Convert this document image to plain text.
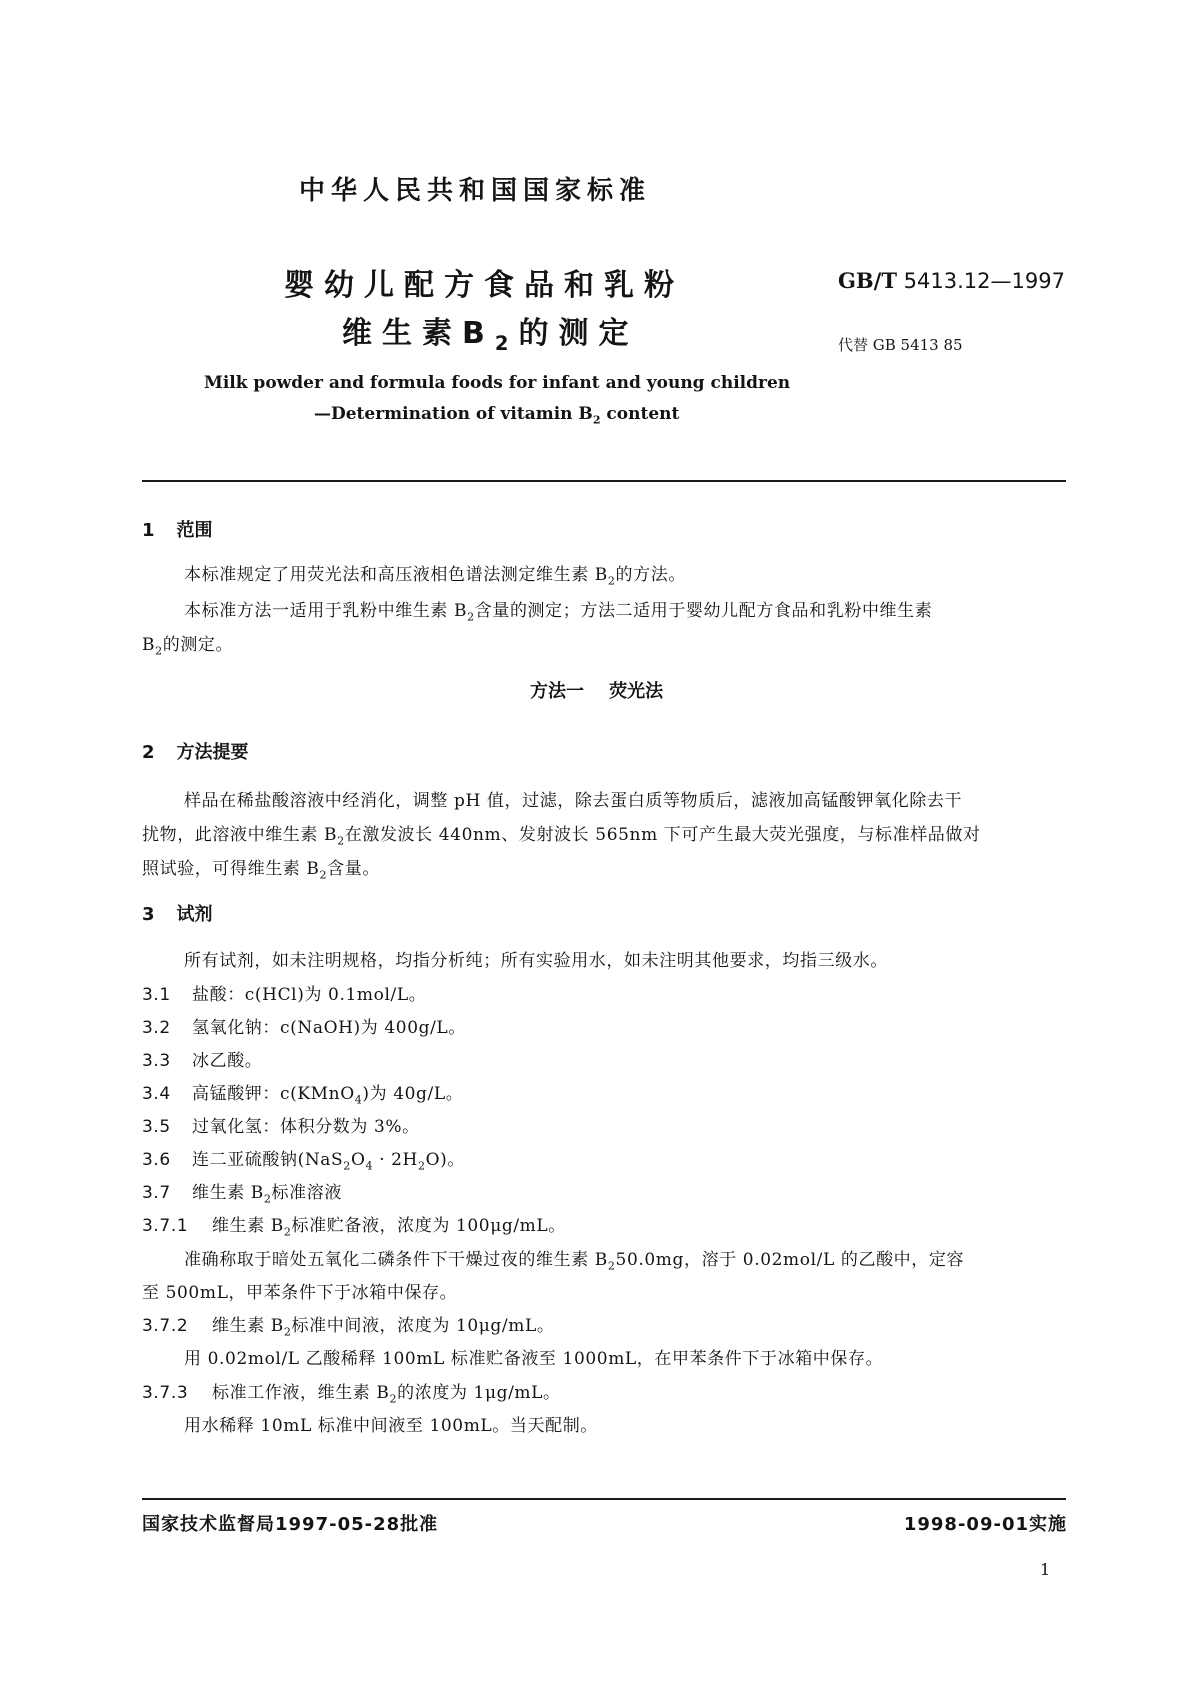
中华人民共和国国家标准
婴幼儿配方食品和乳粉
维生素$B_2$的测定
GB/T 5413.12—1997
代替 GB 5413 85
Milk powder and formula foods for infant and young children
—Determination of vitamin $B_2$ content
1 范围
本标准规定了用荧光法和高压液相色谱法测定维生素 $B_2$的方法。
本标准方法一适用于乳粉中维生素 $B_2$含量的测定；方法二适用于婴幼儿配方食品和乳粉中维生素
$B_2$的测定。
方法一    荧光法
2 方法提要
样品在稀盐酸溶液中经消化，调整 pH 值，过滤，除去蛋白质等物质后，滤液加高锰酸钾氧化除去干
扰物，此溶液中维生素 $B_2$在激发波长 440nm、发射波长 565nm 下可产生最大荧光强度，与标准样品做对
照试验，可得维生素 $B_2$含量。
3 试剂
所有试剂，如未注明规格，均指分析纯；所有实验用水，如未注明其他要求，均指三级水。
3.1 盐酸：c(HCl)为 0.1mol/L。
3.2 氢氧化钠：c(NaOH)为 400g/L。
3.3 冰乙酸。
3.4 高锰酸钾：c(KMnO$_4$)为 40g/L。
3.5 过氧化氢：体积分数为 3%。
3.6 连二亚硫酸钠$(NaS_2O_4 \cdot 2H_2O)$。
3.7 维生素 $B_2$标准溶液
3.7.1 维生素 $B_2$标准贮备液，浓度为 100μg/mL。
准确称取于暗处五氧化二磷条件下干燥过夜的维生素 $B_250.0mg$，溶于 0.02mol/L 的乙酸中，定容
至 500mL，甲苯条件下于冰箱中保存。
3.7.2 维生素 $B_2$标准中间液，浓度为 10μg/mL。
用 0.02mol/L 乙酸稀释 100mL 标准贮备液至 1000mL，在甲苯条件下于冰箱中保存。
3.7.3 标准工作液，维生素 $B_2$的浓度为 1μg/mL。
用水稀释 10mL 标准中间液至 100mL。当天配制。
国家技术监督局1997-05-28批准	1998-09-01实施
1
